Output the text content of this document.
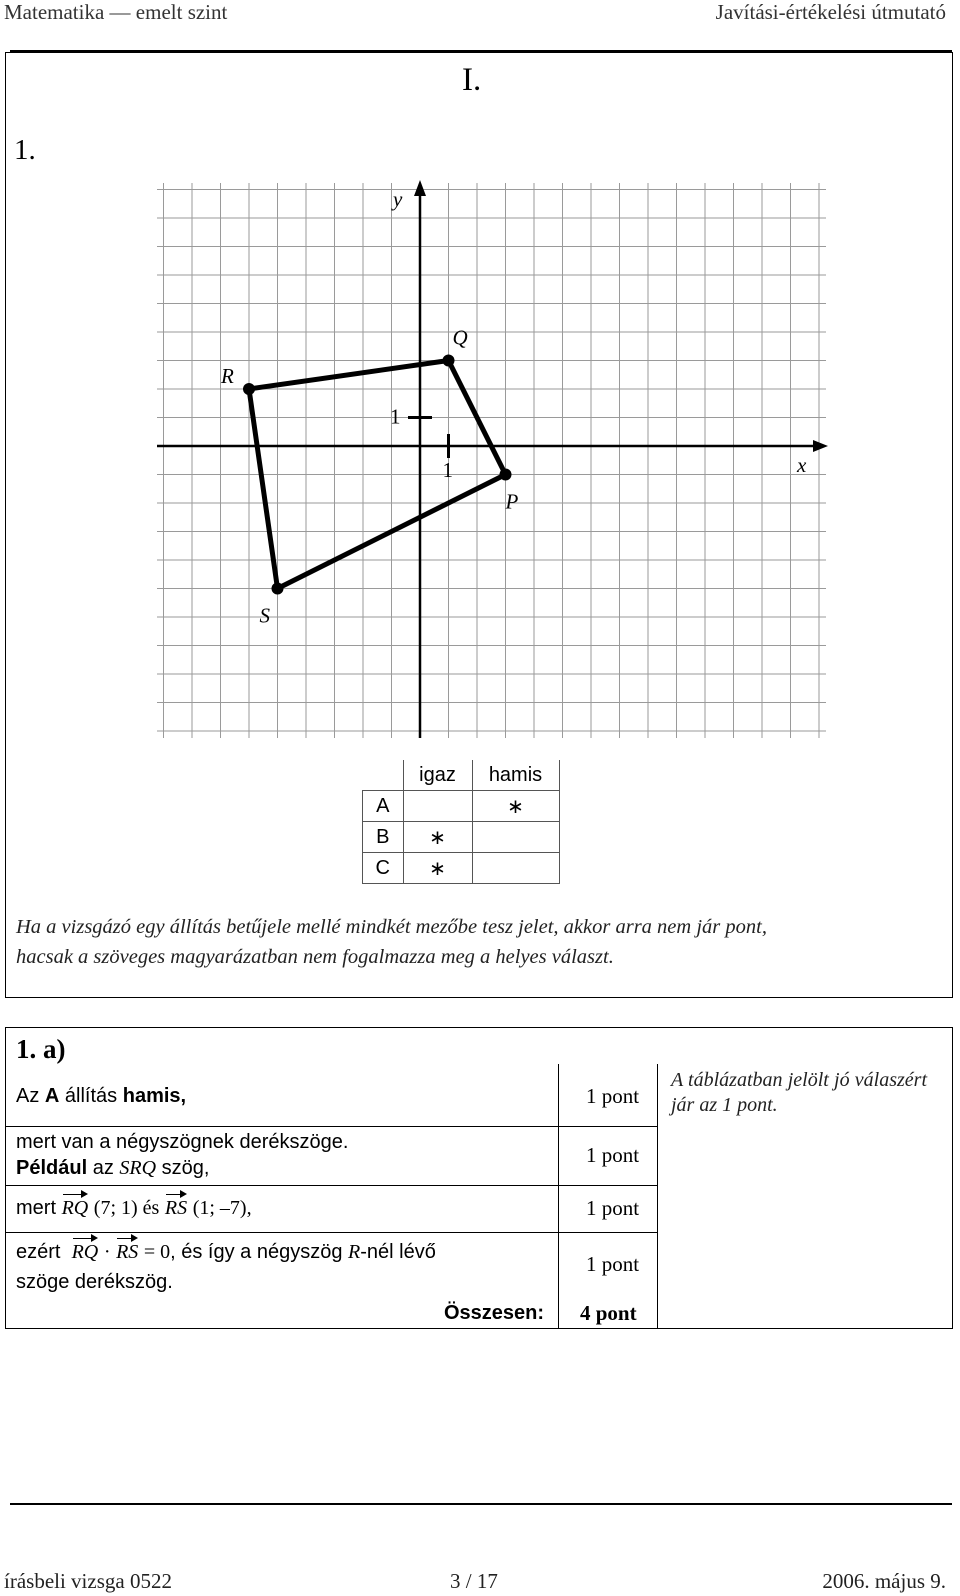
Matematika — emelt szint	Javítási-értékelési útmutató
I.
1.
x
y
1
1
P
Q
R
S
	igaz	hamis
A		∗
B	∗	
C	∗	
Ha a vizsgázó egy állítás betűjele mellé mindkét mezőbe tesz jelet, akkor arra nem jár pont,
hacsak a szöveges magyarázatban nem fogalmazza meg a helyes választ.
1. a)
Az A állítás hamis,	1 pont
mert van a négyszögnek derékszöge.
Például az SRQ szög,
1 pont
mert RQ (7; 1) és RS (1; –7),	1 pont
ezért RQ · RS = 0, és így a négyszög R-nél lévő
szöge derékszög.
1 pont
Összesen: 4 pont
A táblázatban jelölt jó válaszért jár az 1 pont.
írásbeli vizsga 0522	3 / 17	2006. május 9.
